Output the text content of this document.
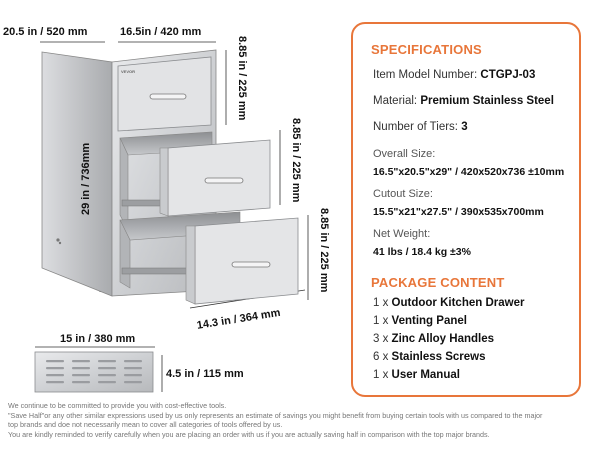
VEVOR
20.5 in / 520 mm	16.5in / 420 mm
29 in / 736mm
8.85 in / 225 mm
8.85 in / 225 mm
8.85 in / 225 mm
14.3 in / 364 mm
15 in / 380 mm
4.5 in / 115 mm
SPECIFICATIONS
Item Model Number: CTGPJ-03
Material: Premium Stainless Steel
Number of Tiers: 3
Overall Size:
16.5"x20.5"x29" / 420x520x736 ±10mm
Cutout Size:
15.5"x21"x27.5" / 390x535x700mm
Net Weight:
41 lbs / 18.4 kg ±3%
PACKAGE CONTENT
1 x Outdoor Kitchen Drawer
1 x Venting Panel
3 x Zinc Alloy Handles
6 x Stainless Screws
1 x User Manual
We continue to be committed to provide you with cost-effective tools.
"Save Half"or any other similar expressions used by us only represents an estimate of savings you might benefit from buying certain tools with us compared to the major
top brands and doe not necessarily mean to cover all categories of tools offered by us.
You are kindly reminded to verify carefully when you are placing an order with us if you are actually saving half in comparison with the top major brands.
